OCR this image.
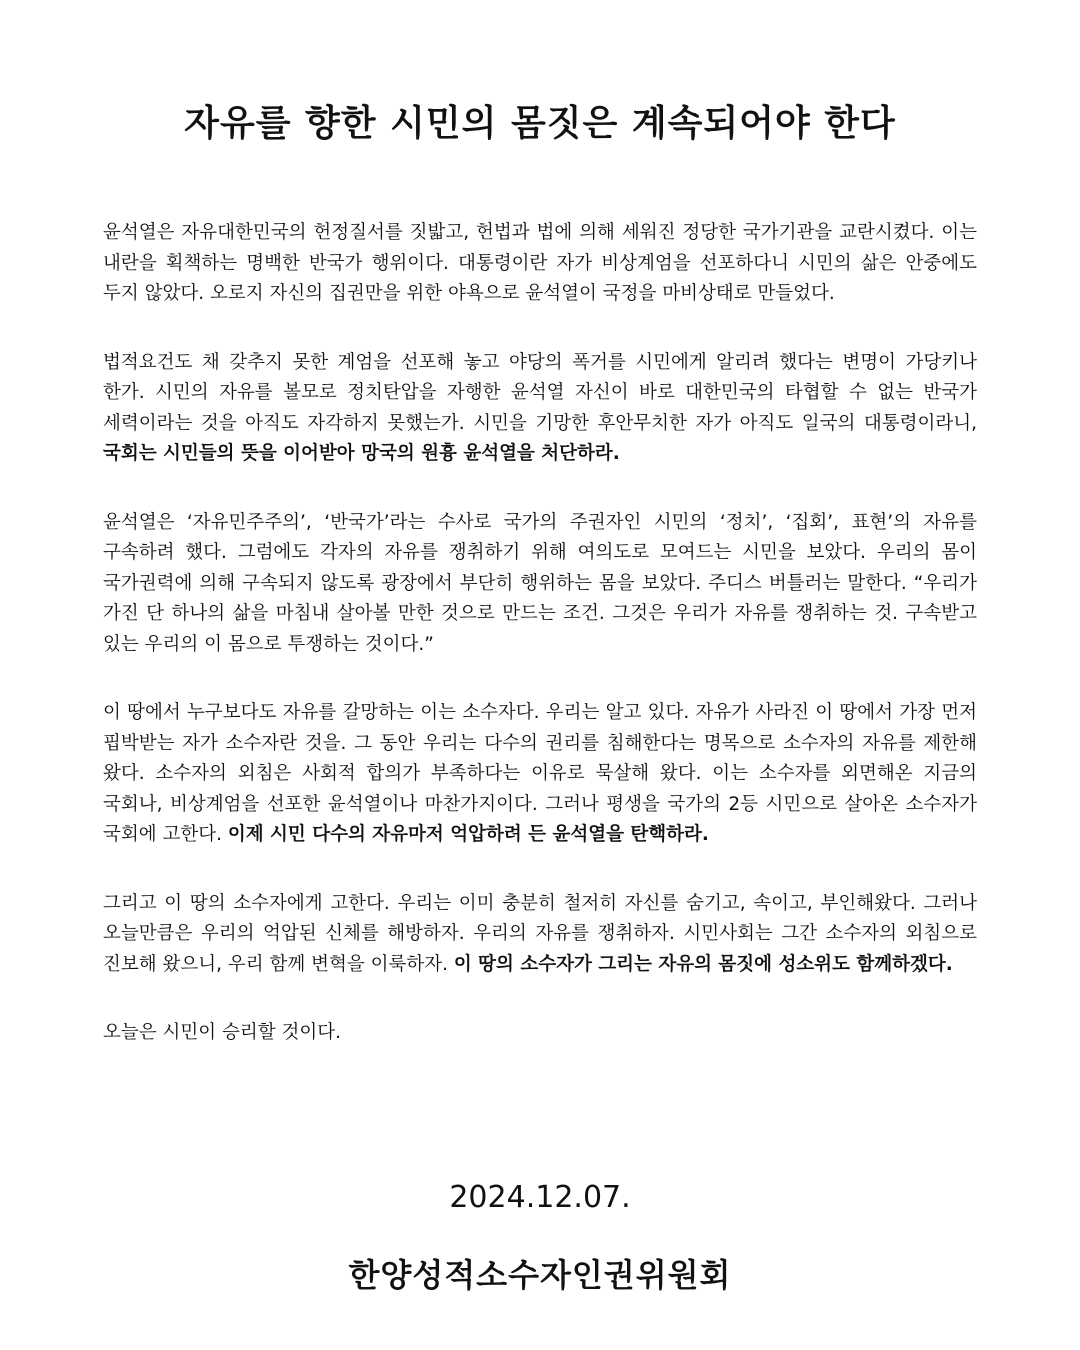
자유를 향한 시민의 몸짓은 계속되어야 한다

윤석열은 자유대한민국의 헌정질서를 짓밟고, 헌법과 법에 의해 세워진 정당한 국가기관을 교란시켰다. 이는 내란을 획책하는 명백한 반국가 행위이다. 대통령이란 자가 비상계엄을 선포하다니 시민의 삶은 안중에도 두지 않았다. 오로지 자신의 집권만을 위한 야욕으로 윤석열이 국정을 마비상태로 만들었다.

법적요건도 채 갖추지 못한 계엄을 선포해 놓고 야당의 폭거를 시민에게 알리려 했다는 변명이 가당키나 한가. 시민의 자유를 볼모로 정치탄압을 자행한 윤석열 자신이 바로 대한민국의 타협할 수 없는 반국가 세력이라는 것을 아직도 자각하지 못했는가. 시민을 기망한 후안무치한 자가 아직도 일국의 대통령이라니, 국회는 시민들의 뜻을 이어받아 망국의 원흉 윤석열을 처단하라.

윤석열은 ‘자유민주주의’, ‘반국가’라는 수사로 국가의 주권자인 시민의 ‘정치’, ‘집회’, 표현’의 자유를 구속하려 했다. 그럼에도 각자의 자유를 쟁취하기 위해 여의도로 모여드는 시민을 보았다. 우리의 몸이 국가권력에 의해 구속되지 않도록 광장에서 부단히 행위하는 몸을 보았다. 주디스 버틀러는 말한다. “우리가 가진 단 하나의 삶을 마침내 살아볼 만한 것으로 만드는 조건. 그것은 우리가 자유를 쟁취하는 것. 구속받고 있는 우리의 이 몸으로 투쟁하는 것이다.”

이 땅에서 누구보다도 자유를 갈망하는 이는 소수자다. 우리는 알고 있다. 자유가 사라진 이 땅에서 가장 먼저 핍박받는 자가 소수자란 것을. 그 동안 우리는 다수의 권리를 침해한다는 명목으로 소수자의 자유를 제한해 왔다. 소수자의 외침은 사회적 합의가 부족하다는 이유로 묵살해 왔다. 이는 소수자를 외면해온 지금의 국회나, 비상계엄을 선포한 윤석열이나 마찬가지이다. 그러나 평생을 국가의 2등 시민으로 살아온 소수자가 국회에 고한다. 이제 시민 다수의 자유마저 억압하려 든 윤석열을 탄핵하라.

그리고 이 땅의 소수자에게 고한다. 우리는 이미 충분히 철저히 자신를 숨기고, 속이고, 부인해왔다. 그러나 오늘만큼은 우리의 억압된 신체를 해방하자. 우리의 자유를 쟁취하자. 시민사회는 그간 소수자의 외침으로 진보해 왔으니, 우리 함께 변혁을 이룩하자. 이 땅의 소수자가 그리는 자유의 몸짓에 성소위도 함께하겠다.

오늘은 시민이 승리할 것이다.

2024.12.07.

한양성적소수자인권위원회
